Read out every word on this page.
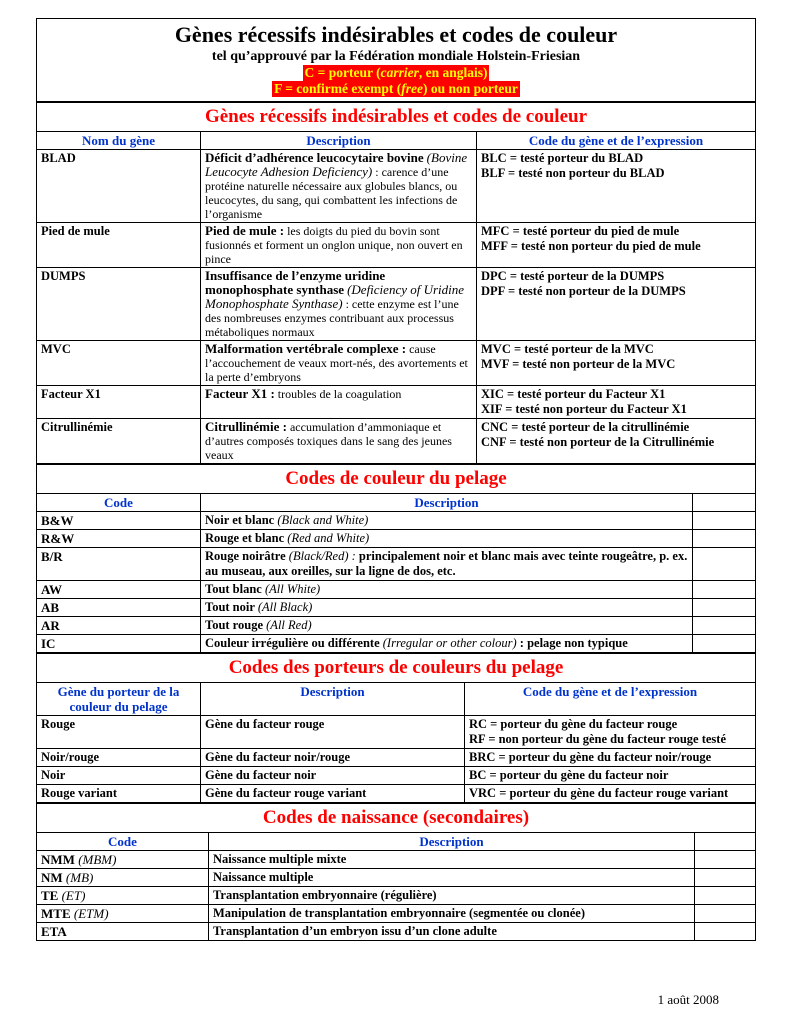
Gènes récessifs indésirables et codes de couleur
tel qu’approuvé par la Fédération mondiale Holstein-Friesian
C = porteur (carrier, en anglais)
F = confirmé exempt (free) ou non porteur
Gènes récessifs indésirables et codes de couleur		
Nom du gène	Description	Code du gène et de l’expression
BLAD	Déficit d’adhérence leucocytaire bovine (Bovine Leucocyte Adhesion Deficiency) : carence d’une protéine naturelle nécessaire aux globules blancs, ou leucocytes, du sang, qui combattent les infections de l’organisme	BLC = testé porteur du BLAD
BLF = testé non porteur du BLAD

Pied de mule	Pied de mule : les doigts du pied du bovin sont fusionnés et forment un onglon unique, non ouvert en pince	MFC = testé porteur du pied de mule
MFF = testé non porteur du pied de mule

DUMPS	Insuffisance de l’enzyme uridine monophosphate synthase (Deficiency of Uridine Monophosphate Synthase) : cette enzyme est l’une des nombreuses enzymes contribuant aux processus métaboliques normaux	DPC = testé porteur de la DUMPS
DPF = testé non porteur de la DUMPS

MVC	Malformation vertébrale complexe : cause l’accouchement de veaux mort-nés, des avortements et la perte d’embryons	MVC = testé porteur de la MVC
MVF = testé non porteur de la MVC

Facteur X1	Facteur X1 : troubles de la coagulation	XIC = testé porteur du Facteur X1
XIF = testé non porteur du Facteur X1

Citrullinémie	Citrullinémie : accumulation d’ammoniaque et d’autres composés toxiques dans le sang des jeunes veaux	CNC = testé porteur de la citrullinémie
CNF = testé non porteur de la Citrullinémie
Codes de couleur du pelage		
Code	Description	
B&W	Noir et blanc (Black and White)	
R&W	Rouge et blanc (Red and White)	
B/R	Rouge noirâtre (Black/Red) : principalement noir et blanc mais avec teinte rougeâtre, p. ex. au museau, aux oreilles, sur la ligne de dos, etc.	
AW	Tout blanc (All White)	
AB	Tout noir (All Black)	
AR	Tout rouge (All Red)	
IC	Couleur irrégulière ou différente (Irregular or other colour) : pelage non typique	
Codes des porteurs de couleurs du pelage		
Gène du porteur de la couleur du pelage	Description	Code du gène et de l’expression
Rouge	Gène du facteur rouge	RC = porteur du gène du facteur rouge
RF = non porteur du gène du facteur rouge testé

Noir/rouge	Gène du facteur noir/rouge	BRC = porteur du gène du facteur noir/rouge

Noir	Gène du facteur noir	BC = porteur du gène du facteur noir

Rouge variant	Gène du facteur rouge variant	VRC = porteur du gène du facteur rouge variant
Codes de naissance (secondaires)		
Code	Description	
NMM (MBM)	Naissance multiple mixte	
NM (MB)	Naissance multiple	
TE (ET)	Transplantation embryonnaire (régulière)	
MTE (ETM)	Manipulation de transplantation embryonnaire (segmentée ou clonée)	
ETA	Transplantation d’un embryon issu d’un clone adulte	
1 août 2008
